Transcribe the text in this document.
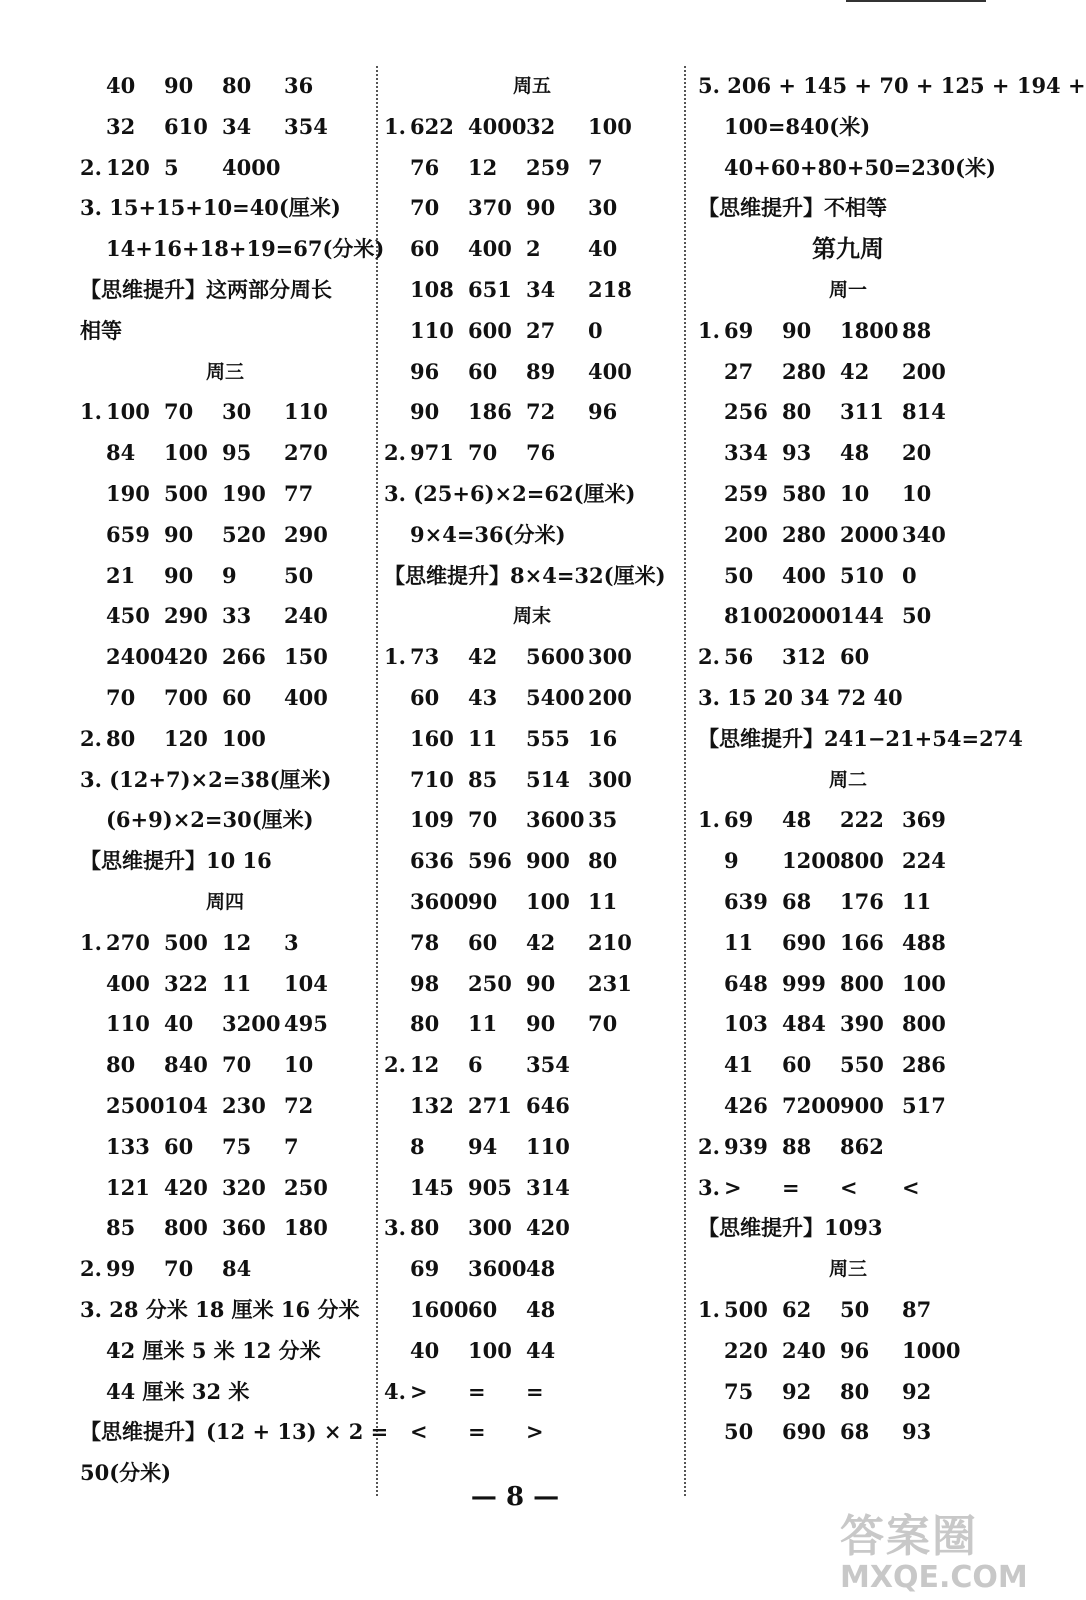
40 90 80 36
32 610 34 354
2. 120 5 4000
3. 15+15+10=40(厘米)
14+16+18+19=67(分米)
【思维提升】这两部分周长
相等
周三
1. 100 70 30 110
84 100 95 270
190 500 190 77
659 90 520 290
21 90 9 50
450 290 33 240
2400 420 266 150
70 700 60 400
2. 80 120 100
3. (12+7)×2=38(厘米)
(6+9)×2=30(厘米)
【思维提升】10 16
周四
1. 270 500 12 3
400 322 11 104
110 40 3200 495
80 840 70 10
2500 104 230 72
133 60 75 7
121 420 320 250
85 800 360 180
2. 99 70 84
3. 28 分米 18 厘米 16 分米
42 厘米 5 米 12 分米
44 厘米 32 米
【思维提升】(12 + 13) × 2 =
50(分米)
周五
1. 622 4000 32 100
76 12 259 7
70 370 90 30
60 400 2 40
108 651 34 218
110 600 27 0
96 60 89 400
90 186 72 96
2. 971 70 76
3. (25+6)×2=62(厘米)
9×4=36(分米)
【思维提升】8×4=32(厘米)
周末
1. 73 42 5600 300
60 43 5400 200
160 11 555 16
710 85 514 300
109 70 3600 35
636 596 900 80
3600 90 100 11
78 60 42 210
98 250 90 231
80 11 90 70
2. 12 6 354
132 271 646
8 94 110
145 905 314
3. 80 300 420
69 3600 48
1600 60 48
40 100 44
4. > = =
< = >
5. 206 + 145 + 70 + 125 + 194 +
100=840(米)
40+60+80+50=230(米)
【思维提升】不相等
第九周
周一
1. 69 90 1800 88
27 280 42 200
256 80 311 814
334 93 48 20
259 580 10 10
200 280 2000 340
50 400 510 0
8100 2000 144 50
2. 56 312 60
3. 15 20 34 72 40
【思维提升】241−21+54=274
周二
1. 69 48 222 369
9 1200 800 224
639 68 176 11
11 690 166 488
648 999 800 100
103 484 390 800
41 60 550 286
426 7200 900 517
2. 939 88 862
3. > = < <
【思维提升】1093
周三
1. 500 62 50 87
220 240 96 1000
75 92 80 92
50 690 68 93
— 8 —
答案圈
MXQE.COM
